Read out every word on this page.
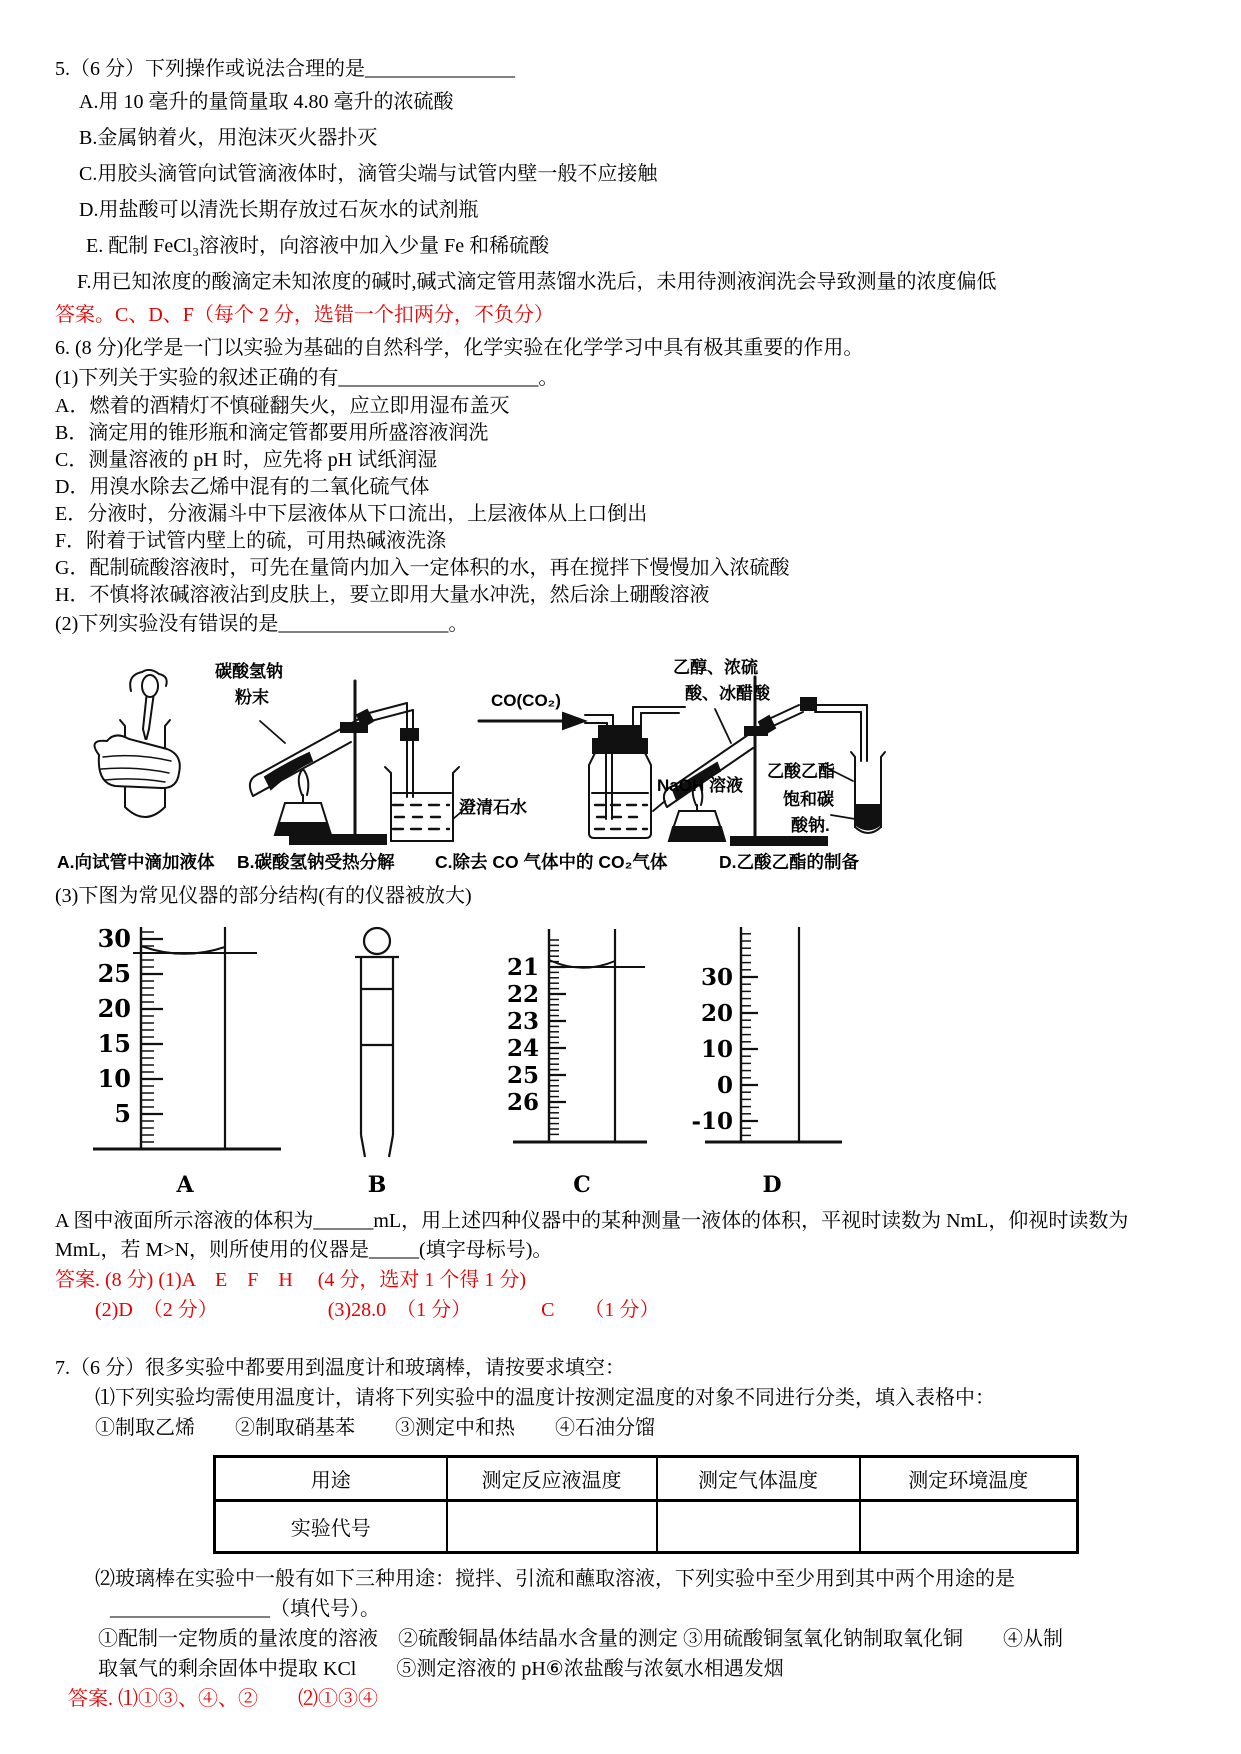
5.（6 分）下列操作或说法合理的是_______________
A.用 10 毫升的量筒量取 4.80 毫升的浓硫酸
B.金属钠着火，用泡沫灭火器扑灭
C.用胶头滴管向试管滴液体时，滴管尖端与试管内壁一般不应接触
D.用盐酸可以清洗长期存放过石灰水的试剂瓶
E. 配制 FeCl₃溶液时，向溶液中加入少量 Fe 和稀硫酸
F.用已知浓度的酸滴定未知浓度的碱时,碱式滴定管用蒸馏水洗后，未用待测液润洗会导致测量的浓度偏低
答案。C、D、F（每个 2 分，选错一个扣两分，不负分）
6. (8 分)化学是一门以实验为基础的自然科学，化学实验在化学学习中具有极其重要的作用。
(1)下列关于实验的叙述正确的有____________________。
A．燃着的酒精灯不慎碰翻失火，应立即用湿布盖灭
B．滴定用的锥形瓶和滴定管都要用所盛溶液润洗
C．测量溶液的 pH 时，应先将 pH 试纸润湿
D．用溴水除去乙烯中混有的二氧化硫气体
E．分液时，分液漏斗中下层液体从下口流出，上层液体从上口倒出
F．附着于试管内壁上的硫，可用热碱液洗涤
G．配制硫酸溶液时，可先在量筒内加入一定体积的水，再在搅拌下慢慢加入浓硫酸
H．不慎将浓碱溶液沾到皮肤上，要立即用大量水冲洗，然后涂上硼酸溶液
(2)下列实验没有错误的是_________________。
碳酸氢钠
粉末	CO(CO₂)
澄清石水
NaOH 溶液
乙醇、浓硫
酸、冰醋酸
乙酸乙酯
饱和碳
酸钠.
A.向试管中滴加液体 B.碳酸氢钠受热分解 C.除去 CO 气体中的 CO₂气体	D.乙酸乙酯的制备
(3)下图为常见仪器的部分结构(有的仪器被放大)
30
25
20
15
10
5
A	B
21
22
23
24
25
26
C
30
20
10
0
-10
D
A 图中液面所示溶液的体积为______mL，用上述四种仪器中的某种测量一液体的体积，平视时读数为 NmL，仰视时读数为 MmL，若 M>N，则所使用的仪器是_____(填字母标号)。
答案. (8 分) (1)A　E　F　H　 (4 分，选对 1 个得 1 分)
(2)D　（2 分）　　　　　　(3)28.0　（1 分）　　　　C　　（1 分）
7.（6 分）很多实验中都要用到温度计和玻璃棒，请按要求填空：
⑴下列实验均需使用温度计，请将下列实验中的温度计按测定温度的对象不同进行分类，填入表格中：
①制取乙烯　　②制取硝基苯　　③测定中和热　　④石油分馏
用途	测定反应液温度	测定气体温度	测定环境温度
实验代号			
⑵玻璃棒在实验中一般有如下三种用途：搅拌、引流和蘸取溶液，下列实验中至少用到其中两个用途的是
________________（填代号）。
①配制一定物质的量浓度的溶液　②硫酸铜晶体结晶水含量的测定 ③用硫酸铜氢氧化钠制取氧化铜　　④从制
取氧气的剩余固体中提取 KCl　　⑤测定溶液的 pH⑥浓盐酸与浓氨水相遇发烟
答案. ⑴①③、④、②　　⑵①③④
